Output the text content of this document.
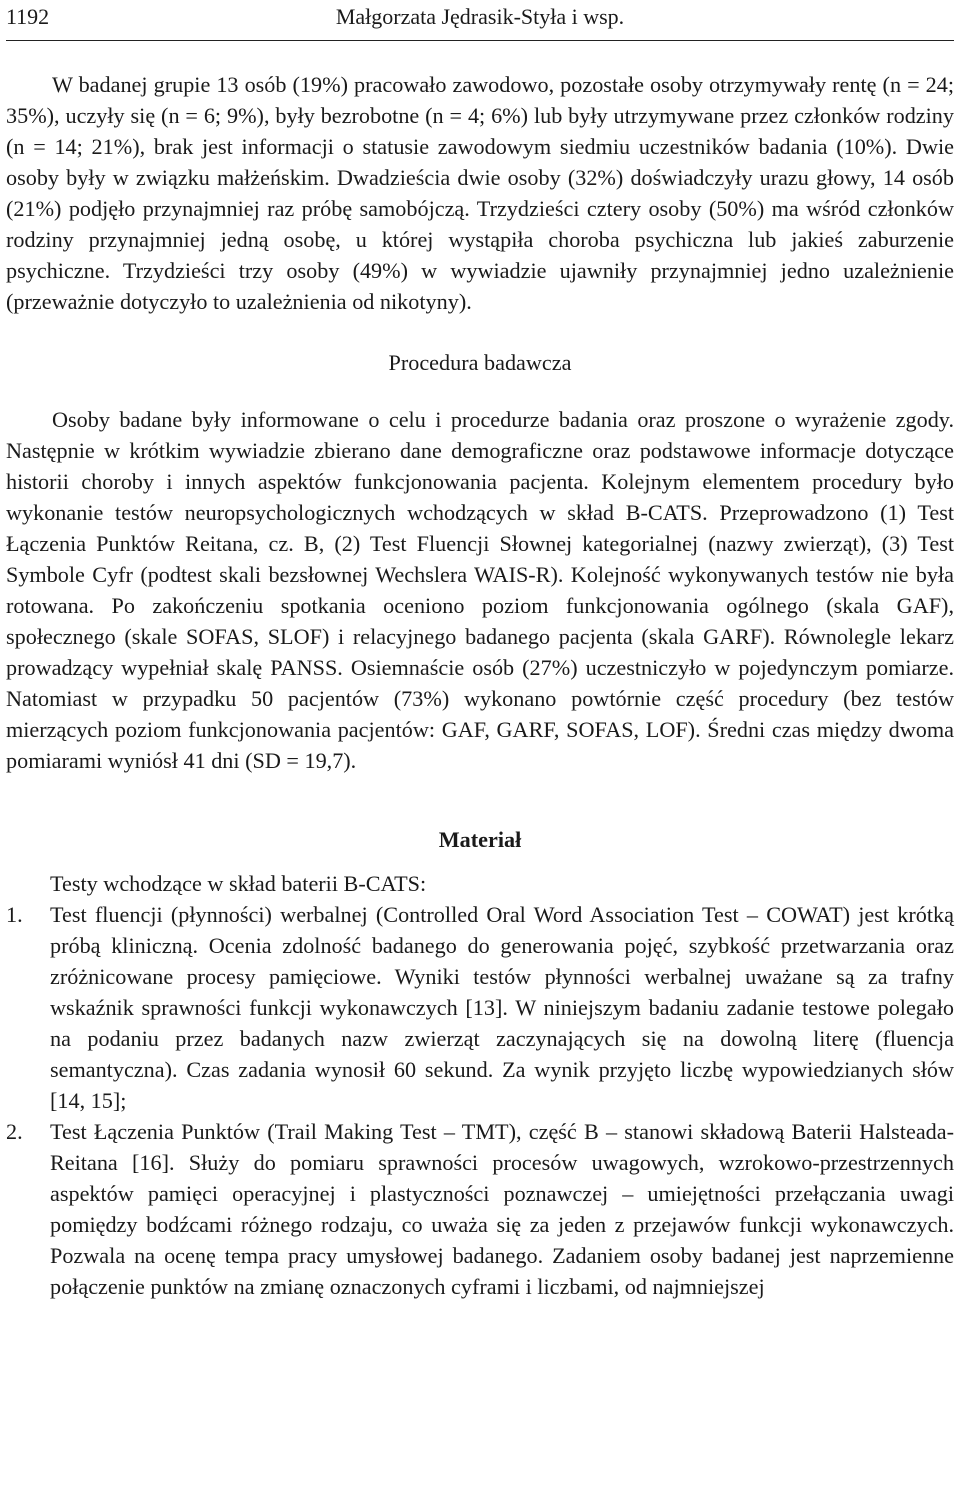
1192	Małgorzata Jędrasik-Styła i wsp.

W badanej grupie 13 osób (19%) pracowało zawodowo, pozostałe osoby otrzymywały rentę (n = 24; 35%), uczyły się (n = 6; 9%), były bezrobotne (n = 4; 6%) lub były utrzymywane przez członków rodziny (n = 14; 21%), brak jest informacji o statusie zawodowym siedmiu uczestników badania (10%). Dwie osoby były w związku małżeńskim. Dwadzieścia dwie osoby (32%) doświadczyły urazu głowy, 14 osób (21%) podjęło przynajmniej raz próbę samobójczą. Trzydzieści cztery osoby (50%) ma wśród członków rodziny przynajmniej jedną osobę, u której wystąpiła choroba psychiczna lub jakieś zaburzenie psychiczne. Trzydzieści trzy osoby (49%) w wywiadzie ujawniły przynajmniej jedno uzależnienie (przeważnie dotyczyło to uzależnienia od nikotyny).

Procedura badawcza

Osoby badane były informowane o celu i procedurze badania oraz proszone o wyrażenie zgody. Następnie w krótkim wywiadzie zbierano dane demograficzne oraz podstawowe informacje dotyczące historii choroby i innych aspektów funkcjonowania pacjenta. Kolejnym elementem procedury było wykonanie testów neuropsychologicznych wchodzących w skład B-CATS. Przeprowadzono (1) Test Łączenia Punktów Reitana, cz. B, (2) Test Fluencji Słownej kategorialnej (nazwy zwierząt), (3) Test Symbole Cyfr (podtest skali bezsłownej Wechslera WAIS-R). Kolejność wykonywanych testów nie była rotowana. Po zakończeniu spotkania oceniono poziom funkcjonowania ogólnego (skala GAF), społecznego (skale SOFAS, SLOF) i relacyjnego badanego pacjenta (skala GARF). Równolegle lekarz prowadzący wypełniał skalę PANSS. Osiemnaście osób (27%) uczestniczyło w pojedynczym pomiarze. Natomiast w przypadku 50 pacjentów (73%) wykonano powtórnie część procedury (bez testów mierzących poziom funkcjonowania pacjentów: GAF, GARF, SOFAS, LOF). Średni czas między dwoma pomiarami wyniósł 41 dni (SD = 19,7).

Materiał
Testy wchodzące w skład baterii B-CATS:
1. Test fluencji (płynności) werbalnej (Controlled Oral Word Association Test – COWAT) jest krótką próbą kliniczną. Ocenia zdolność badanego do generowania pojęć, szybkość przetwarzania oraz zróżnicowane procesy pamięciowe. Wyniki testów płynności werbalnej uważane są za trafny wskaźnik sprawności funkcji wykonawczych [13]. W niniejszym badaniu zadanie testowe polegało na podaniu przez badanych nazw zwierząt zaczynających się na dowolną literę (fluencja semantyczna). Czas zadania wynosił 60 sekund. Za wynik przyjęto liczbę wypowiedzianych słów [14, 15];
2. Test Łączenia Punktów (Trail Making Test – TMT), część B – stanowi składową Baterii Halsteada-Reitana [16]. Służy do pomiaru sprawności procesów uwagowych, wzrokowo-przestrzennych aspektów pamięci operacyjnej i plastyczności poznawczej – umiejętności przełączania uwagi pomiędzy bodźcami różnego rodzaju, co uważa się za jeden z przejawów funkcji wykonawczych. Pozwala na ocenę tempa pracy umysłowej badanego. Zadaniem osoby badanej jest naprzemienne połączenie punktów na zmianę oznaczonych cyframi i liczbami, od najmniejszej
